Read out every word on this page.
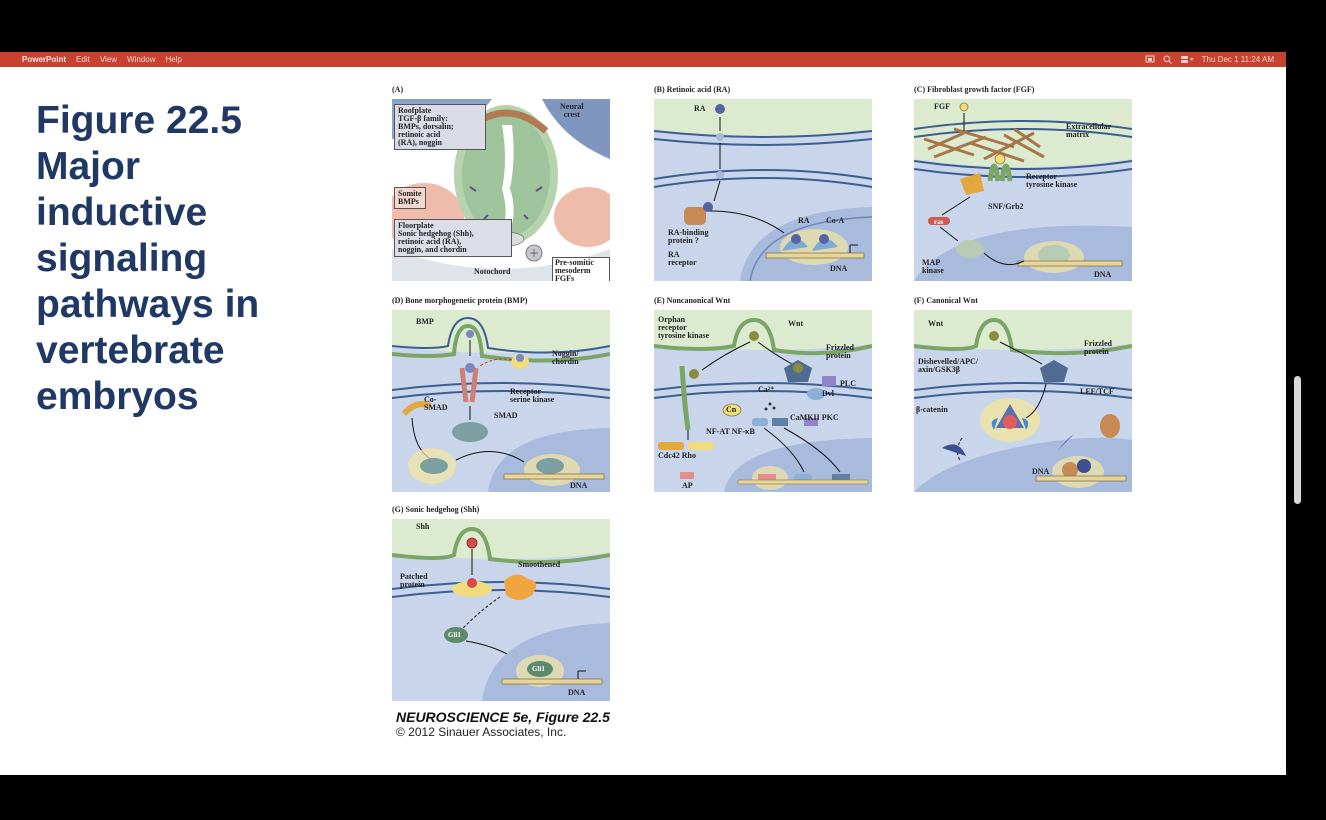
PowerPoint Edit View Window Help	Thu Dec 1 11:24 AM
Figure 22.5
Major
inductive
signaling
pathways in
vertebrate
embryos
(A)
Roofplate
TGF-β family:
BMPs, dorsalin;
retinoic acid
(RA), noggin
Neural
crest
Somite
BMPs
Floorplate
Sonic hedgehog (Shh),
retinoic acid (RA),
noggin, and chordin
Notochord
Pre-somitic
mesoderm FGFs
(B) Retinoic acid (RA)
RA
RA Co-A
RA-binding
protein ?
RA
receptor
DNA
(C) Fibroblast growth factor (FGF)
FGF
Extracellular
matrix
Receptor
tyrosine kinase
SNF/Grb2
ras
MAP
kinase	DNA
(D) Bone morphogenetic protein (BMP)
BMP
Noggin/
chordin
Receptor
serine kinase
Co-
SMAD
SMAD
DNA
(E) Noncanonical Wnt
Orphan
receptor
tyrosine kinase
Wnt
Frizzled
protein
Ca²⁺
PLC
Cn
Dvl
CaMKII PKC
NF-AT NF-κB
Cdc42 Rho
AP
(F) Canonical Wnt
Wnt
Frizzled
protein
Dishevelled/APC/
axin/GSK3β
LEF/TCF
β-catenin
DNA
(G) Sonic hedgehog (Shh)
Shh
Smoothened
Patched
protein
Gli1
Gli1
DNA
NEUROSCIENCE 5e, Figure 22.5
© 2012 Sinauer Associates, Inc.
